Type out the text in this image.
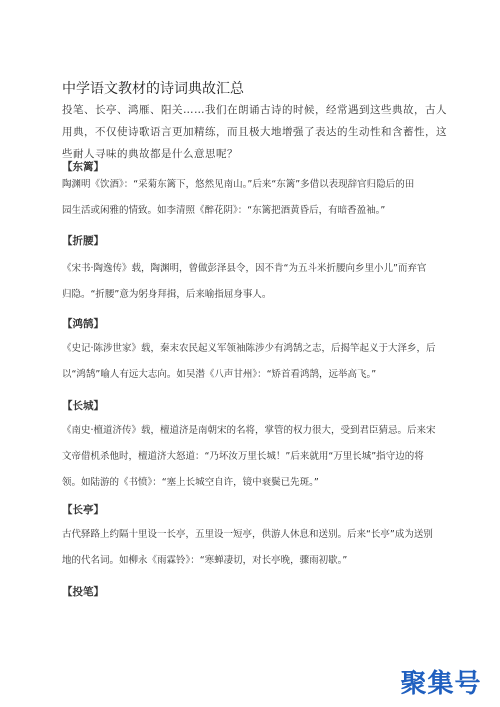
中学语文教材的诗词典故汇总

投笔、长亭、鸿雁、阳关……我们在朗诵古诗的时候，经常遇到这些典故，古人用典，不仅使诗歌语言更加精练，而且极大地增强了表达的生动性和含蓄性，这些耐人寻味的典故都是什么意思呢？

【东篱】
陶渊明《饮酒》：“采菊东篱下，悠然见南山。”后来“东篱”多借以表现辞官归隐后的田
园生活或闲雅的情致。如李清照《醉花阴》：“东篱把酒黄昏后，有暗香盈袖。”
【折腰】
《宋书·陶逸传》载，陶渊明，曾做彭泽县令，因不肯“为五斗米折腰向乡里小儿”而弃官
归隐。“折腰”意为躬身拜揖，后来喻指屈身事人。
【鸿鹄】
《史记·陈涉世家》载，秦末农民起义军领袖陈涉少有鸿鹄之志，后揭竿起义于大泽乡，后
以“鸿鹄”喻人有远大志向。如吴潜《八声甘州》：“矫首看鸿鹄，远举高飞。”
【长城】
《南史·檀道济传》载，檀道济是南朝宋的名将，掌管的权力很大，受到君臣猜忌。后来宋
文帝借机杀他时，檀道济大怒道：“乃坏汝万里长城！”后来就用“万里长城”指守边的将
领。如陆游的《书愤》：“塞上长城空自许，镜中衰鬓已先斑。”
【长亭】
古代驿路上约隔十里设一长亭，五里设一短亭，供游人休息和送别。后来“长亭”成为送别
地的代名词。如柳永《雨霖铃》：“寒蝉凄切，对长亭晚，骤雨初歇。”
【投笔】
聚集号
